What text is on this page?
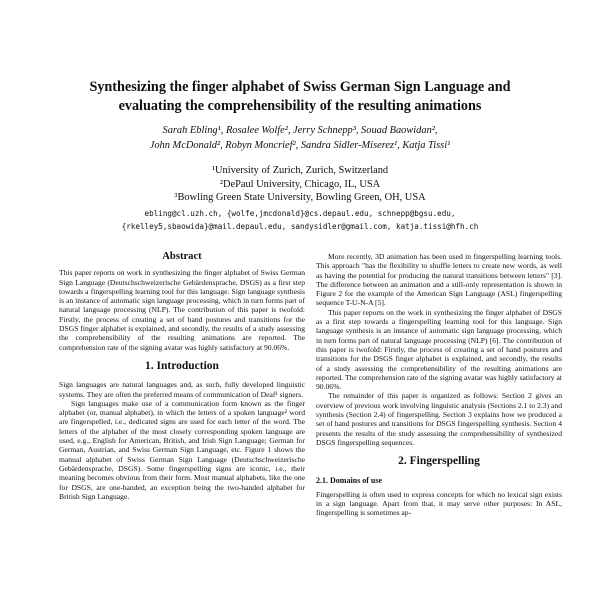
Synthesizing the finger alphabet of Swiss German Sign Language and
evaluating the comprehensibility of the resulting animations
Sarah Ebling¹, Rosalee Wolfe², Jerry Schnepp³, Souad Baowidan²,
John McDonald², Robyn Moncrief², Sandra Sidler-Miserez¹, Katja Tissi¹
¹University of Zurich, Zurich, Switzerland
²DePaul University, Chicago, IL, USA
³Bowling Green State University, Bowling Green, OH, USA
ebling@cl.uzh.ch, {wolfe,jmcdonald}@cs.depaul.edu, schnepp@bgsu.edu,
{rkelley5,sbaowida}@mail.depaul.edu, sandysidler@gmail.com, katja.tissi@hfh.ch
Abstract

This paper reports on work in synthesizing the finger alphabet of Swiss German Sign Language (Deutschschweizerische Gebärdensprache, DSGS) as a first step towards a fingerspelling learning tool for this language. Sign language synthesis is an instance of automatic sign language processing, which in turn forms part of natural language processing (NLP). The contribution of this paper is twofold: Firstly, the process of creating a set of hand postures and transitions for the DSGS finger alphabet is explained, and secondly, the results of a study assessing the comprehensibility of the resulting animations are reported. The comprehension rate of the signing avatar was highly satisfactory at 90.06%.

1. Introduction

Sign languages are natural languages and, as such, fully developed linguistic systems. They are often the preferred means of communication of Deaf¹ signers.

Sign languages make use of a communication form known as the finger alphabet (or, manual alphabet), in which the letters of a spoken language² word are fingerspelled, i.e., dedicated signs are used for each letter of the word. The letters of the alphabet of the most closely corresponding spoken language are used, e.g., English for American, British, and Irish Sign Language; German for German, Austrian, and Swiss German Sign Language, etc. Figure 1 shows the manual alphabet of Swiss German Sign Language (Deutschschweizerische Gebärdensprache, DSGS). Some fingerspelling signs are iconic, i.e., their meaning becomes obvious from their form. Most manual alphabets, like the one for DSGS, are one-handed, an exception being the two-handed alphabet for British Sign Language.

More recently, 3D animation has been used in fingerspelling learning tools. This approach "has the flexibility to shuffle letters to create new words, as well as having the potential for producing the natural transitions between letters" [3]. The difference between an animation and a still-only representation is shown in Figure 2 for the example of the American Sign Language (ASL) fingerspelling sequence T-U-N-A [5].

This paper reports on the work in synthesizing the finger alphabet of DSGS as a first step towards a fingerspelling learning tool for this language. Sign language synthesis is an instance of automatic sign language processing, which in turn forms part of natural language processing (NLP) [6]. The contribution of this paper is twofold: Firstly, the process of creating a set of hand postures and transitions for the DSGS finger alphabet is explained, and secondly, the results of a study assessing the comprehensibility of the resulting animations are reported. The comprehension rate of the signing avatar was highly satisfactory at 90.06%.

The remainder of this paper is organized as follows: Section 2 gives an overview of previous work involving linguistic analysis (Sections 2.1 to 2.3) and synthesis (Section 2.4) of fingerspelling. Section 3 explains how we produced a set of hand postures and transitions for DSGS fingerspelling synthesis. Section 4 presents the results of the study assessing the comprehensibility of synthesized DSGS fingerspelling sequences.

2. Fingerspelling
2.1. Domains of use

Fingerspelling is often used to express concepts for which no lexical sign exists in a sign language. Apart from that, it may serve other purposes: In ASL, fingerspelling is sometimes ap-
